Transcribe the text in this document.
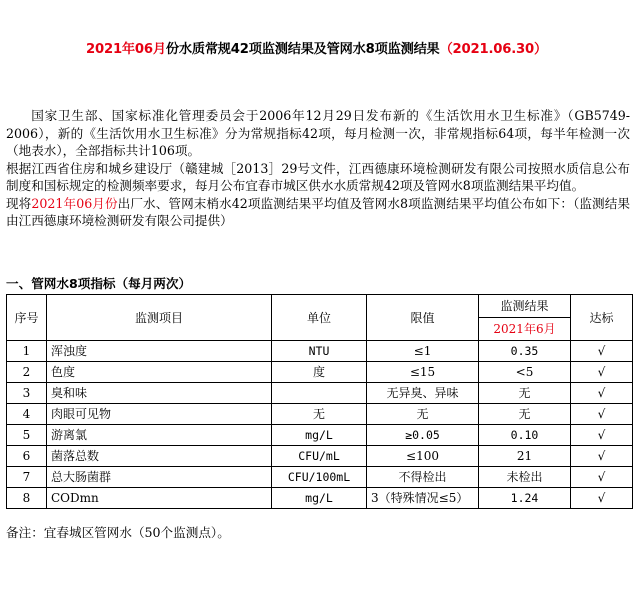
2021年06月份水质常规42项监测结果及管网水8项监测结果（2021.06.30）

国家卫生部、国家标准化管理委员会于2006年12月29日发布新的《生活饮用水卫生标准》（GB5749-2006），新的《生活饮用水卫生标准》分为常规指标42项，每月检测一次，非常规指标64项，每半年检测一次（地表水），全部指标共计106项。

根据江西省住房和城乡建设厅（赣建城［2013］29号文件，江西德康环境检测研发有限公司按照水质信息公布制度和国标规定的检测频率要求，每月公布宜春市城区供水水质常规42项及管网水8项监测结果平均值。

现将2021年06月份出厂水、管网末梢水42项监测结果平均值及管网水8项监测结果平均值公布如下：（监测结果由江西德康环境检测研发有限公司提供）

一、管网水8项指标（每月两次）
序号	监测项目	单位	限值	监测结果	达标
				2021年6月	
1	浑浊度	NTU	≤1	0.35	√
2	色度	度	≤15	<5	√
3	臭和味		无异臭、异味	无	√
4	肉眼可见物	无	无	无	√
5	游离氯	mg/L	≥0.05	0.10	√
6	菌落总数	CFU/mL	≤100	21	√
7	总大肠菌群	CFU/100mL	不得检出	未检出	√
8	CODmn	mg/L	3（特殊情况≤5）	1.24	√
备注：宜春城区管网水（50个监测点）。
